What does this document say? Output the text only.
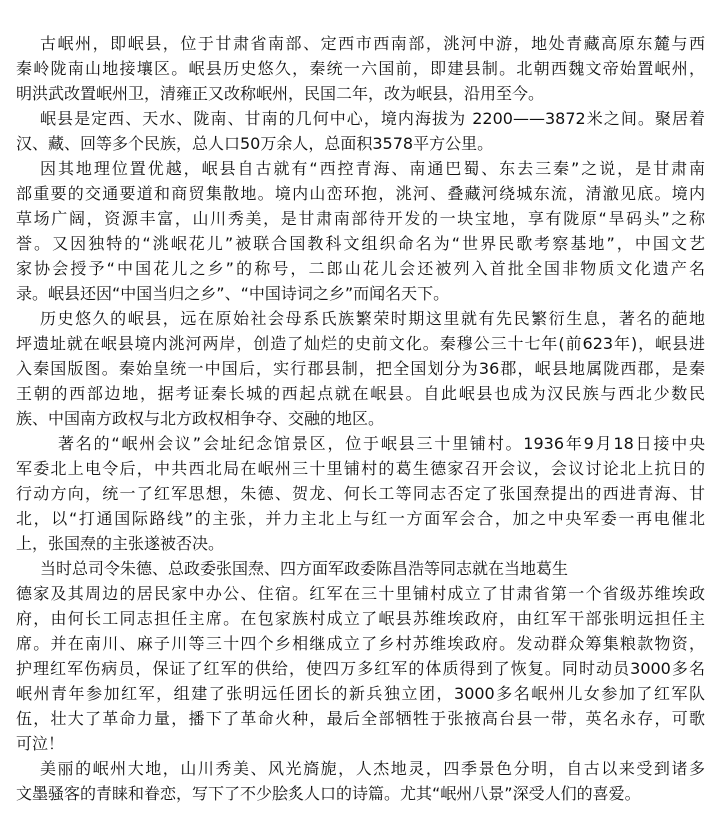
古岷州，即岷县，位于甘肃省南部、定西市西南部，洮河中游，地处青藏高原东麓与西
秦岭陇南山地接壤区。岷县历史悠久，秦统一六国前，即建县制。北朝西魏文帝始置岷州，
明洪武改置岷州卫，清雍正又改称岷州，民国二年，改为岷县，沿用至今。
岷县是定西、天水、陇南、甘南的几何中心，境内海拔为 2200——3872米之间。聚居着
汉、藏、回等多个民族，总人口50万余人，总面积3578平方公里。
因其地理位置优越，岷县自古就有“西控青海、南通巴蜀、东去三秦”之说，是甘肃南
部重要的交通要道和商贸集散地。境内山峦环抱，洮河、叠藏河绕城东流，清澈见底。境内
草场广阔，资源丰富，山川秀美，是甘肃南部待开发的一块宝地，享有陇原“旱码头”之称
誉。又因独特的“洮岷花儿”被联合国教科文组织命名为“世界民歌考察基地”，中国文艺
家协会授予“中国花儿之乡”的称号，二郎山花儿会还被列入首批全国非物质文化遗产名
录。岷县还因“中国当归之乡”、“中国诗词之乡”而闻名天下。
历史悠久的岷县，远在原始社会母系氏族繁荣时期这里就有先民繁衍生息，著名的葩地
坪遗址就在岷县境内洮河两岸，创造了灿烂的史前文化。秦穆公三十七年(前623年)，岷县进
入秦国版图。秦始皇统一中国后，实行郡县制，把全国划分为36郡，岷县地属陇西郡，是秦
王朝的西部边地，据考证秦长城的西起点就在岷县。自此岷县也成为汉民族与西北少数民
族、中国南方政权与北方政权相争夺、交融的地区。
著名的“岷州会议”会址纪念馆景区，位于岷县三十里铺村。1936年9月18日接中央
军委北上电令后，中共西北局在岷州三十里铺村的葛生德家召开会议，会议讨论北上抗日的
行动方向，统一了红军思想，朱德、贺龙、何长工等同志否定了张国焘提出的西进青海、甘
北，以“打通国际路线”的主张，并力主北上与红一方面军会合，加之中央军委一再电催北
上，张国焘的主张遂被否决。
当时总司令朱德、总政委张国焘、四方面军政委陈昌浩等同志就在当地葛生
德家及其周边的居民家中办公、住宿。红军在三十里铺村成立了甘肃省第一个省级苏维埃政
府，由何长工同志担任主席。在包家族村成立了岷县苏维埃政府，由红军干部张明远担任主
席。并在南川、麻子川等三十四个乡相继成立了乡村苏维埃政府。发动群众筹集粮款物资，
护理红军伤病员，保证了红军的供给，使四万多红军的体质得到了恢复。同时动员3000多名
岷州青年参加红军，组建了张明远任团长的新兵独立团，3000多名岷州儿女参加了红军队
伍，壮大了革命力量，播下了革命火种，最后全部牺牲于张掖高台县一带，英名永存，可歌
可泣！
美丽的岷州大地，山川秀美、风光旖旎，人杰地灵，四季景色分明，自古以来受到诸多
文墨骚客的青睐和眷恋，写下了不少脍炙人口的诗篇。尤其“岷州八景”深受人们的喜爱。
